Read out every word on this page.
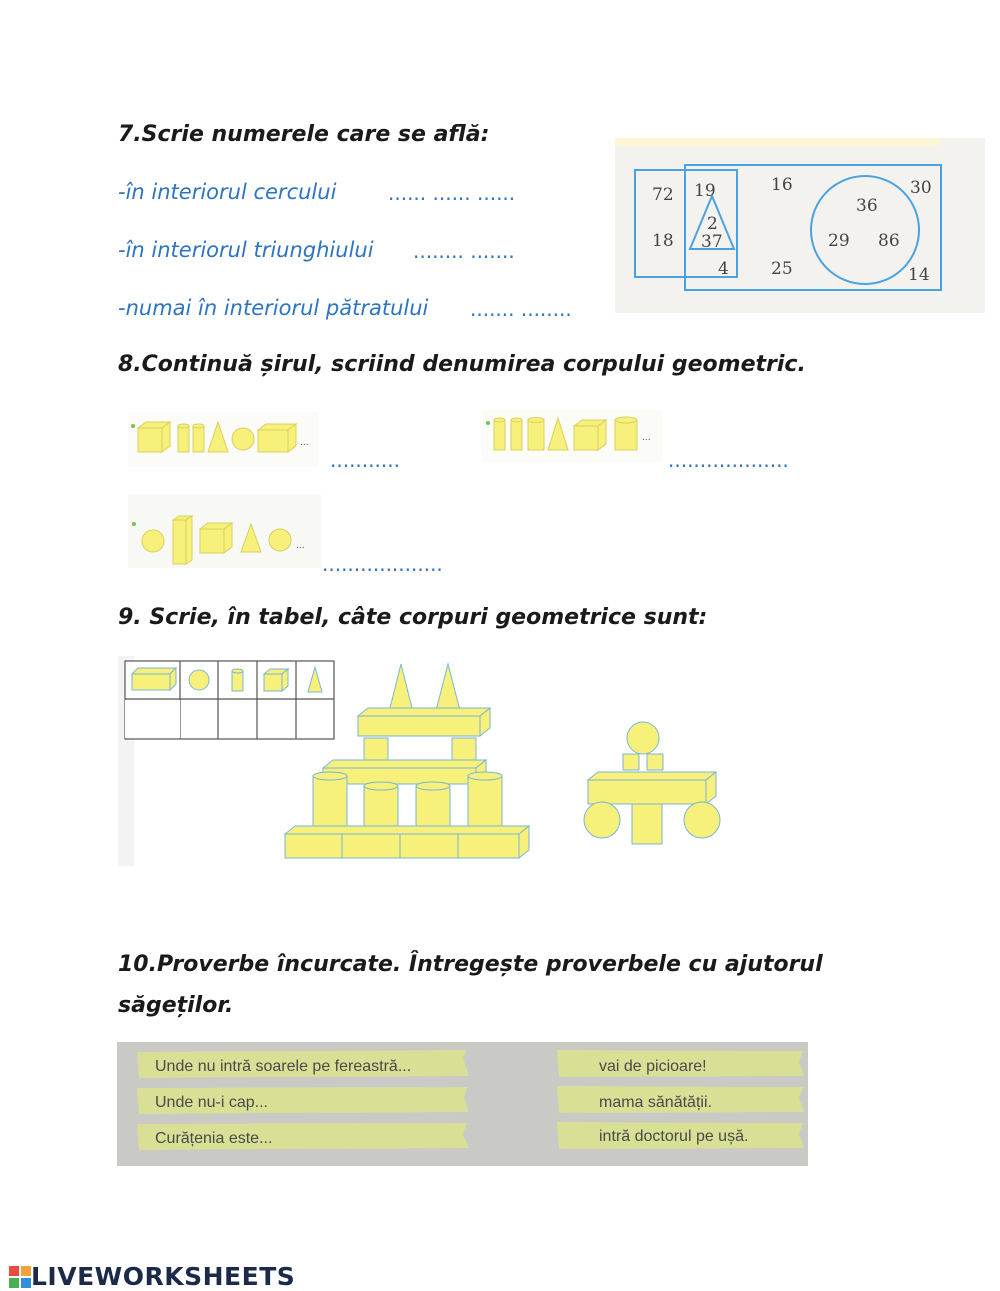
7.Scrie numerele care se află:
-în interiorul cercului	...... ...... ......
-în interiorul triunghiului ........ .......
-numai în interiorul pătratului ....... ........
72 19	16	30
36
18
2
37	29 86
4 25	14
8.Continuă șirul, scriind denumirea corpului geometric.
...
...........
...
...................
...
...................
9. Scrie, în tabel, câte corpuri geometrice sunt:
10.Proverbe încurcate. Întregește proverbele cu ajutorul
săgeților.
Unde nu intră soarele pe fereastră...
Unde nu-i cap...
Curățenia este...
vai de picioare!
mama sănătății.
intră doctorul pe ușă.
LIVEWORKSHEETS
